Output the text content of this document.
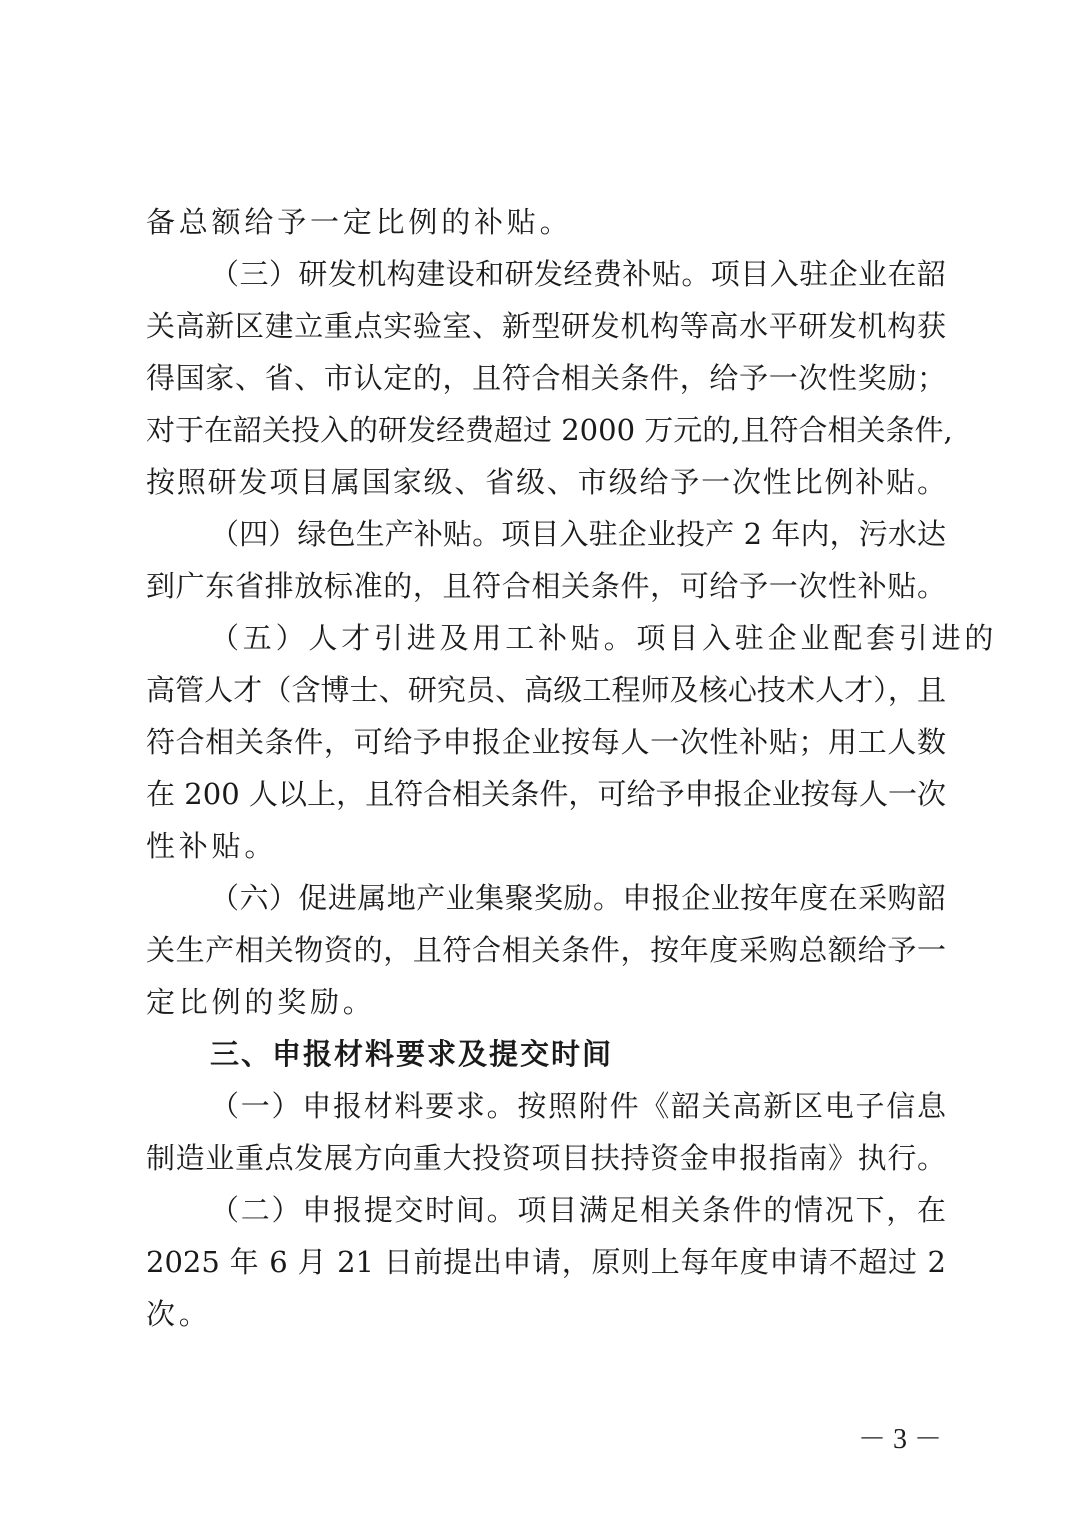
备总额给予一定比例的补贴。
（三）研发机构建设和研发经费补贴。项目入驻企业在韶
关高新区建立重点实验室、新型研发机构等高水平研发机构获
得国家、省、市认定的，且符合相关条件，给予一次性奖励；
对于在韶关投入的研发经费超过 2000 万元的,且符合相关条件,
按照研发项目属国家级、省级、市级给予一次性比例补贴。
（四）绿色生产补贴。项目入驻企业投产 2 年内，污水达
到广东省排放标准的，且符合相关条件，可给予一次性补贴。
（五）人才引进及用工补贴。项目入驻企业配套引进的
高管人才（含博士、研究员、高级工程师及核心技术人才），且
符合相关条件，可给予申报企业按每人一次性补贴；用工人数
在 200 人以上，且符合相关条件，可给予申报企业按每人一次
性补贴。
（六）促进属地产业集聚奖励。申报企业按年度在采购韶
关生产相关物资的，且符合相关条件，按年度采购总额给予一
定比例的奖励。
三、申报材料要求及提交时间
（一）申报材料要求。按照附件《韶关高新区电子信息
制造业重点发展方向重大投资项目扶持资金申报指南》执行。
（二）申报提交时间。项目满足相关条件的情况下，在
2025 年 6 月 21 日前提出申请，原则上每年度申请不超过 2
次。
－ 3 －
